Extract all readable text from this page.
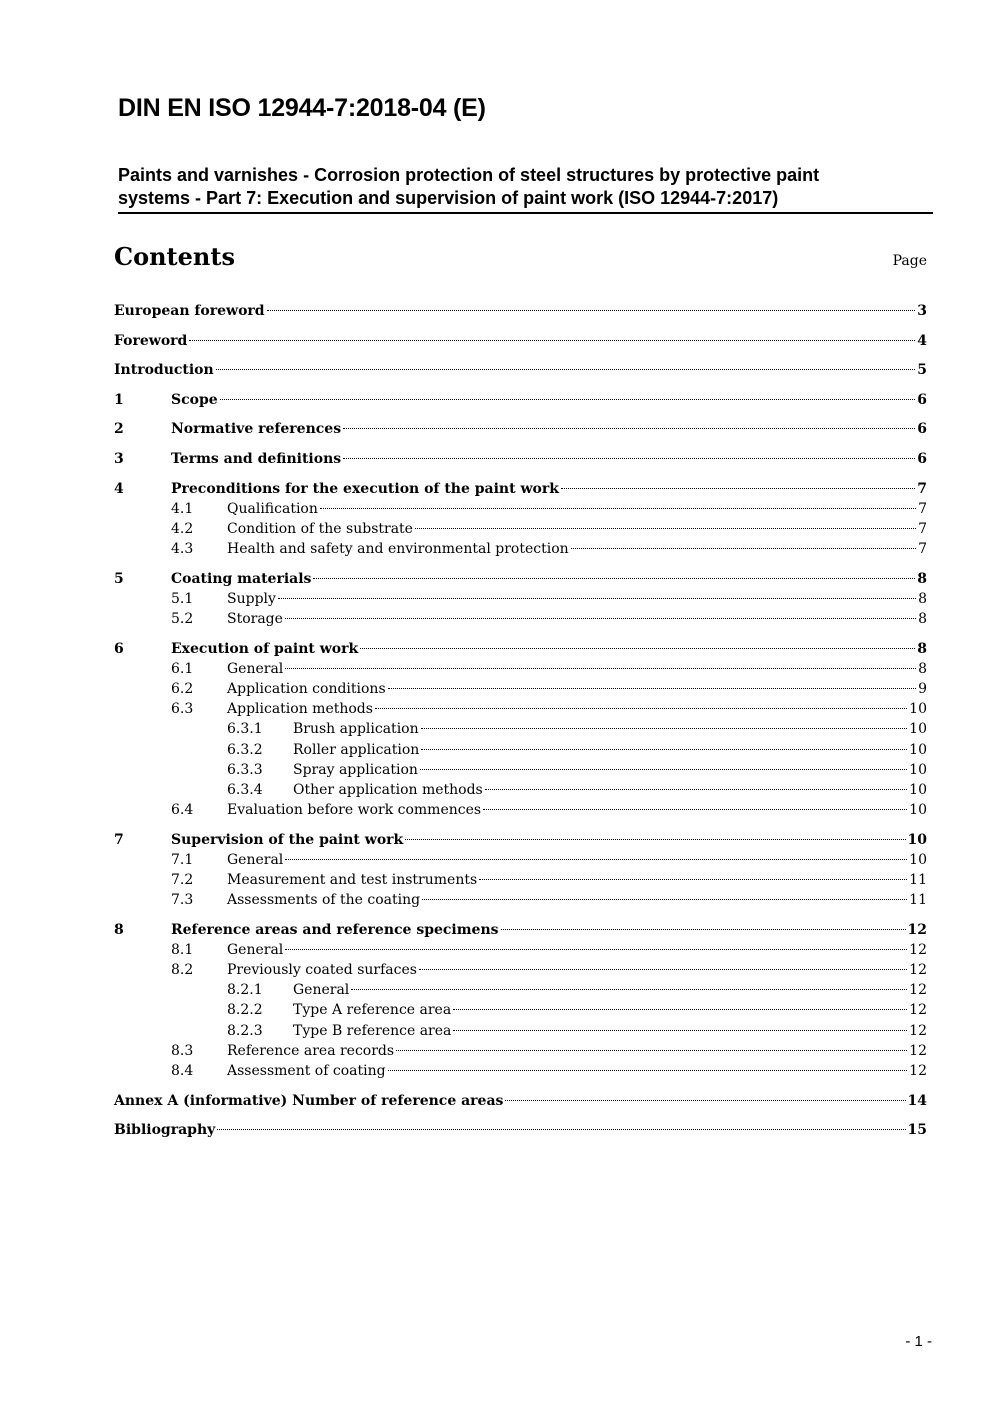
DIN EN ISO 12944-7:2018-04 (E)
Paints and varnishes - Corrosion protection of steel structures by protective paint
systems - Part 7: Execution and supervision of paint work (ISO 12944-7:2017)
Contents	Page
European foreword	3
Foreword	4
Introduction	5
1	Scope	6
2	Normative references	6
3	Terms and definitions	6
4	Preconditions for the execution of the paint work	7
4.1	Qualification	7
4.2	Condition of the substrate	7
4.3	Health and safety and environmental protection	7
5	Coating materials	8
5.1	Supply	8
5.2	Storage	8
6	Execution of paint work	8
6.1	General	8
6.2	Application conditions	9
6.3	Application methods	10
6.3.1	Brush application	10
6.3.2	Roller application	10
6.3.3	Spray application	10
6.3.4	Other application methods	10
6.4	Evaluation before work commences	10
7	Supervision of the paint work	10
7.1	General	10
7.2	Measurement and test instruments	11
7.3	Assessments of the coating	11
8	Reference areas and reference specimens	12
8.1	General	12
8.2	Previously coated surfaces	12
8.2.1	General	12
8.2.2	Type A reference area	12
8.2.3	Type B reference area	12
8.3	Reference area records	12
8.4	Assessment of coating	12
Annex A (informative) Number of reference areas	14
Bibliography	15
- 1 -
